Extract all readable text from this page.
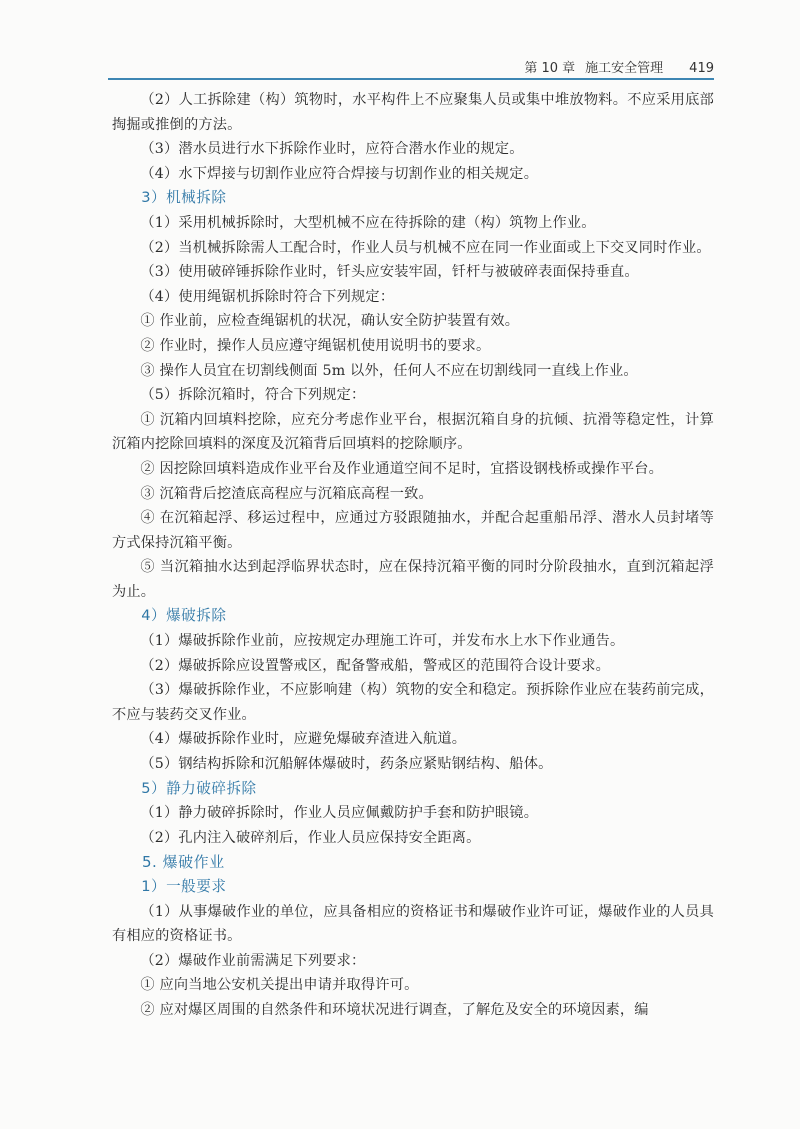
第 10 章 施工安全管理 419
（2）人工拆除建（构）筑物时，水平构件上不应聚集人员或集中堆放物料。不应采用底部掏掘或推倒的方法。
（3）潜水员进行水下拆除作业时，应符合潜水作业的规定。
（4）水下焊接与切割作业应符合焊接与切割作业的相关规定。
3）机械拆除
（1）采用机械拆除时，大型机械不应在待拆除的建（构）筑物上作业。
（2）当机械拆除需人工配合时，作业人员与机械不应在同一作业面或上下交叉同时作业。
（3）使用破碎锤拆除作业时，钎头应安装牢固，钎杆与被破碎表面保持垂直。
（4）使用绳锯机拆除时符合下列规定：
① 作业前，应检查绳锯机的状况，确认安全防护装置有效。
② 作业时，操作人员应遵守绳锯机使用说明书的要求。
③ 操作人员宜在切割线侧面 5m 以外，任何人不应在切割线同一直线上作业。
（5）拆除沉箱时，符合下列规定：
① 沉箱内回填料挖除，应充分考虑作业平台，根据沉箱自身的抗倾、抗滑等稳定性，计算沉箱内挖除回填料的深度及沉箱背后回填料的挖除顺序。
② 因挖除回填料造成作业平台及作业通道空间不足时，宜搭设钢栈桥或操作平台。
③ 沉箱背后挖渣底高程应与沉箱底高程一致。
④ 在沉箱起浮、移运过程中，应通过方驳跟随抽水，并配合起重船吊浮、潜水人员封堵等方式保持沉箱平衡。
⑤ 当沉箱抽水达到起浮临界状态时，应在保持沉箱平衡的同时分阶段抽水，直到沉箱起浮为止。
4）爆破拆除
（1）爆破拆除作业前，应按规定办理施工许可，并发布水上水下作业通告。
（2）爆破拆除应设置警戒区，配备警戒船，警戒区的范围符合设计要求。
（3）爆破拆除作业，不应影响建（构）筑物的安全和稳定。预拆除作业应在装药前完成，不应与装药交叉作业。
（4）爆破拆除作业时，应避免爆破弃渣进入航道。
（5）钢结构拆除和沉船解体爆破时，药条应紧贴钢结构、船体。
5）静力破碎拆除
（1）静力破碎拆除时，作业人员应佩戴防护手套和防护眼镜。
（2）孔内注入破碎剂后，作业人员应保持安全距离。
5. 爆破作业
1）一般要求
（1）从事爆破作业的单位，应具备相应的资格证书和爆破作业许可证，爆破作业的人员具有相应的资格证书。
（2）爆破作业前需满足下列要求：
① 应向当地公安机关提出申请并取得许可。
② 应对爆区周围的自然条件和环境状况进行调查，了解危及安全的环境因素，编
